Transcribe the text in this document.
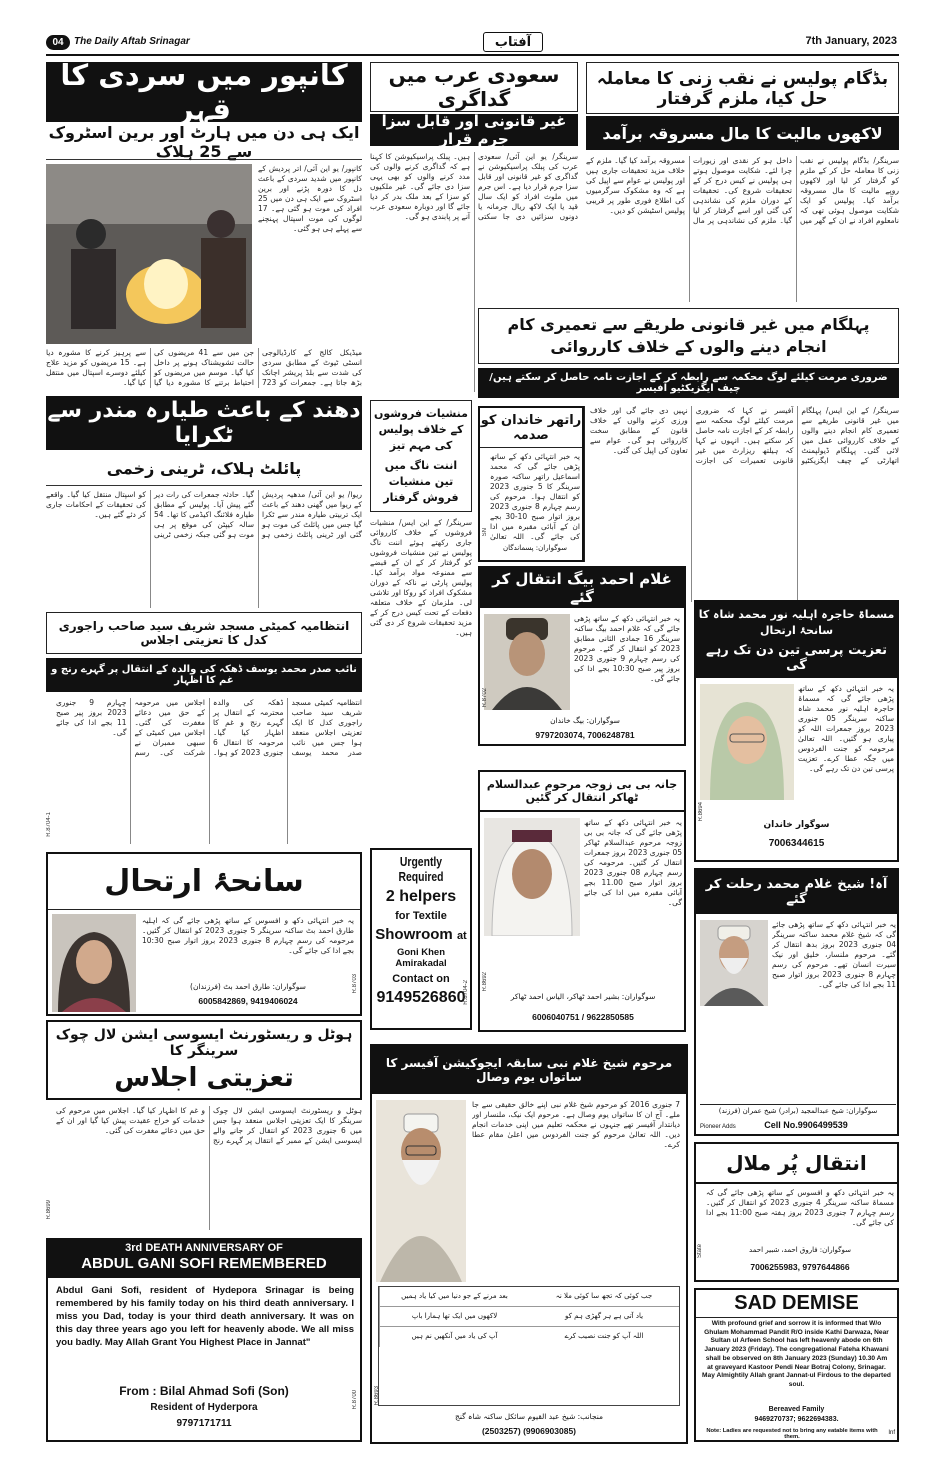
04	The Daily Aftab Srinagar	آفتاب	7th January, 2023
کانپور میں سردی کا قہر
ایک ہی دن میں ہارٹ اور برین اسٹروک سے 25 ہلاک
کانپور/ یو این آئی/ اتر پردیش کے کانپور میں شدید سردی کے باعث دل کا دورہ پڑنے اور برین اسٹروک سے ایک ہی دن میں 25 افراد کی موت ہو گئی ہے۔ 17 لوگوں کی موت اسپتال پہنچنے سے پہلے ہی ہو گئی۔
میڈیکل کالج کے کارڈیالوجی انسٹی ٹیوٹ کے مطابق سردی کی شدت سے بلڈ پریشر اچانک بڑھ جاتا ہے۔ جمعرات کو 723 جن میں سے 41 مریضوں کی حالت تشویشناک ہونے پر داخل کیا گیا۔ موسم میں مریضوں کو احتیاط برتنے کا مشورہ دیا گیا سے پرہیز کرنے کا مشورہ دیا ہے۔ 15 مریضوں کو مزید علاج کیلئے دوسرے اسپتال میں منتقل کیا گیا۔
سعودی عرب میں گداگری
غیر قانونی اور قابل سزا جرم قرار
سرینگر/ یو این آئی/ سعودی عرب کی پبلک پراسیکیوشن نے گداگری کو غیر قانونی اور قابل سزا جرم قرار دیا ہے۔ اس جرم میں ملوث افراد کو ایک سال قید یا ایک لاکھ ریال جرمانہ یا دونوں سزائیں دی جا سکتی ہیں۔ پبلک پراسیکیوشن کا کہنا ہے کہ گداگری کرنے والوں کی مدد کرنے والوں کو بھی یہی سزا دی جائے گی۔ غیر ملکیوں کو سزا کے بعد ملک بدر کر دیا جائے گا اور دوبارہ سعودی عرب آنے پر پابندی ہو گی۔
بڈگام پولیس نے نقب زنی کا معاملہ حل کیا، ملزم گرفتار
لاکھوں مالیت کا مال مسروقہ برآمد
سرینگر/ بڈگام پولیس نے نقب زنی کا معاملہ حل کر کے ملزم کو گرفتار کر لیا اور لاکھوں روپے مالیت کا مال مسروقہ برآمد کیا۔ پولیس کو ایک شکایت موصول ہوئی تھی کہ نامعلوم افراد نے ان کے گھر میں داخل ہو کر نقدی اور زیورات چرا لئے۔ شکایت موصول ہوتے ہی پولیس نے کیس درج کر کے تحقیقات شروع کی۔ تحقیقات کے دوران ملزم کی نشاندہی کی گئی اور اسے گرفتار کر لیا گیا۔ ملزم کی نشاندہی پر مال مسروقہ برآمد کیا گیا۔ ملزم کے خلاف مزید تحقیقات جاری ہیں اور پولیس نے عوام سے اپیل کی ہے کہ وہ مشکوک سرگرمیوں کی اطلاع فوری طور پر قریبی پولیس اسٹیشن کو دیں۔
پہلگام میں غیر قانونی طریقے سے تعمیری کام انجام دینے والوں کے خلاف کارروائی
ضروری مرمت کیلئے لوگ محکمہ سے رابطہ کر کے اجازت نامہ حاصل کر سکتے ہیں/ چیف ایگزیکٹیو آفیسر
سرینگر/ کے این ایس/ پہلگام میں غیر قانونی طریقے سے تعمیری کام انجام دینے والوں کے خلاف کارروائی عمل میں لائی گئی۔ پہلگام ڈیولپمنٹ اتھارٹی کے چیف ایگزیکٹیو آفیسر نے کہا کہ ضروری مرمت کیلئے لوگ محکمہ سے رابطہ کر کے اجازت نامہ حاصل کر سکتے ہیں۔ انہوں نے کہا کہ ہیلتھ ریزارٹ میں غیر قانونی تعمیرات کی اجازت نہیں دی جائے گی اور خلاف ورزی کرنے والوں کے خلاف قانون کے مطابق سخت کارروائی ہو گی۔ عوام سے تعاون کی اپیل کی گئی۔
منشیات فروشوں کے خلاف پولیس کی مہم تیز
اننت ناگ میں تین منشیات فروش گرفتار
سرینگر/ کے این ایس/ منشیات فروشوں کے خلاف کارروائی جاری رکھتے ہوئے اننت ناگ پولیس نے تین منشیات فروشوں کو گرفتار کر کے ان کے قبضے سے ممنوعہ مواد برآمد کیا۔ پولیس پارٹی نے ناکہ کے دوران مشکوک افراد کو روکا اور تلاشی لی۔ ملزمان کے خلاف متعلقہ دفعات کے تحت کیس درج کر کے مزید تحقیقات شروع کر دی گئی ہیں۔
دھند کے باعث طیارہ مندر سے ٹکرایا
پائلٹ ہلاک، ٹرینی زخمی
ریوا/ یو این آئی/ مدھیہ پردیش کے ریوا میں گھنی دھند کے باعث ایک تربیتی طیارہ مندر سے ٹکرا گیا جس میں پائلٹ کی موت ہو گئی اور ٹرینی پائلٹ زخمی ہو گیا۔ حادثہ جمعرات کی رات دیر گئے پیش آیا۔ پولیس کے مطابق طیارہ فلائنگ اکیڈمی کا تھا۔ 54 سالہ کیپٹن کی موقع پر ہی موت ہو گئی جبکہ زخمی ٹرینی کو اسپتال منتقل کیا گیا۔ واقعے کی تحقیقات کے احکامات جاری کر دئے گئے ہیں۔
راتھر خاندان کو صدمہ
یہ خبر انتہائی دکھ کے ساتھ پڑھی جائے گی کہ محمد اسماعیل راتھر ساکنہ صورہ سرینگر کا 5 جنوری 2023 کو انتقال ہوا۔ مرحوم کی رسم چہارم 8 جنوری 2023 بروز اتوار صبح 10-30 بجے ان کے آبائی مقبرہ میں ادا کی جائے گی۔ اللہ تعالیٰ
سوگواران: پسماندگان
SN
انتظامیہ کمیٹی مسجد شریف سید صاحب راجوری کدل کا تعزیتی اجلاس
نائب صدر محمد یوسف ڈھکہ کی والدہ کے انتقال پر گہرے رنج و غم کا اظہار
انتظامیہ کمیٹی مسجد شریف سید صاحب راجوری کدل کا ایک تعزیتی اجلاس منعقد ہوا جس میں نائب صدر محمد یوسف ڈھکہ کی والدہ محترمہ کے انتقال پر گہرے رنج و غم کا اظہار کیا گیا۔ مرحومہ کا انتقال 6 جنوری 2023 کو ہوا۔ اجلاس میں مرحومہ کے حق میں دعائے مغفرت کی گئی۔ اجلاس میں کمیٹی کے سبھی ممبران نے شرکت کی۔ رسم چہارم 9 جنوری 2023 بروز پیر صبح 11 بجے ادا کی جائے گی۔
R.8704-1
غلام احمد بیگ انتقال کر گئے
یہ خبر انتہائی دکھ کے ساتھ پڑھی جائے گی کہ غلام احمد بیگ ساکنہ سرینگر 16 جمادی الثانی مطابق 2023 کو انتقال کر گئے۔ مرحوم کی رسم چہارم 9 جنوری 2023 بروز پیر صبح 10:30 بجے ادا کی جائے گی۔
سوگواران: بیگ خاندان
9797203074, 7006248781
R.8702
مسماۃ حاجرہ اہلیہ نور محمد شاہ کا سانحۂ ارتحال
تعزیت پرسی تین دن تک رہے گی
یہ خبر انتہائی دکھ کے ساتھ پڑھی جائے گی کہ مسماۃ حاجرہ اہلیہ نور محمد شاہ ساکنہ سرینگر 05 جنوری 2023 بروز جمعرات اللہ کو پیاری ہو گئیں۔ اللہ تعالیٰ مرحومہ کو جنت الفردوس میں جگہ عطا کرے۔ تعزیت پرسی تین دن تک رہے گی۔
سوگوار خاندان
7006344615
R.8694
Urgently Required
2 helpers
for Textile
Showroom at
Goni Khen Amirakadal
Contact on
9149526860
R.8704-2
جانہ بی بی زوجہ مرحوم عبدالسلام ٹھاکر انتقال کر گئیں
یہ خبر انتہائی دکھ کے ساتھ پڑھی جائے گی کہ جانہ بی بی زوجہ مرحوم عبدالسلام ٹھاکر 05 جنوری 2023 بروز جمعرات انتقال کر گئیں۔ مرحومہ کی رسم چہارم 08 جنوری 2023 بروز اتوار صبح 11.00 بجے آبائی مقبرہ میں ادا کی جائے گی۔
سوگواران: بشیر احمد ٹھاکر، الیاس احمد ٹھاکر
6006040751 / 9622850585
R.8692
سانحۂ ارتحال
یہ خبر انتہائی دکھ و افسوس کے ساتھ پڑھی جائے گی کہ اہلیہ طارق احمد بٹ ساکنہ سرینگر 5 جنوری 2023 کو انتقال کر گئیں۔ مرحومہ کی رسم چہارم 8 جنوری 2023 بروز اتوار صبح 10:30 بجے ادا کی جائے گی۔
سوگواران: طارق احمد بٹ (فرزندان)
6005842869, 9419406024
R.8703
آہ! شیخ غلام محمد رحلت کر گئے
یہ خبر انتہائی دکھ کے ساتھ پڑھی جائے گی کہ شیخ غلام محمد ساکنہ سرینگر 04 جنوری 2023 بروز بدھ انتقال کر گئے۔ مرحوم ملنسار، خلیق اور نیک سیرت انسان تھے۔ مرحوم کی رسم چہارم 8 جنوری 2023 بروز اتوار صبح 11 بجے ادا کی جائے گی۔
سوگواران: شیخ عبدالمجید (برادر) شیخ عمران (فرزند)
Cell No.9906499539
Pioneer Adds
ہوٹل و ریسٹورنٹ ایسوسی ایشن لال چوک سرینگر کا
تعزیتی اجلاس
ہوٹل و ریسٹورنٹ ایسوسی ایشن لال چوک سرینگر کا ایک تعزیتی اجلاس منعقد ہوا جس میں 6 جنوری 2023 کو انتقال کر جانے والے ایسوسی ایشن کے ممبر کے انتقال پر گہرے رنج و غم کا اظہار کیا گیا۔ اجلاس میں مرحوم کی خدمات کو خراج عقیدت پیش کیا گیا اور ان کے حق میں دعائے مغفرت کی گئی۔
R.8699
مرحوم شیخ غلام نبی سابقہ ایجوکیشن آفیسر کا ساتواں یوم وصال
7 جنوری 2016 کو مرحوم شیخ غلام نبی اپنے خالق حقیقی سے جا ملے۔ آج ان کا ساتواں یوم وصال ہے۔ مرحوم ایک نیک، ملنسار اور دیانتدار آفیسر تھے جنہوں نے محکمہ تعلیم میں اپنی خدمات انجام دیں۔ اللہ تعالیٰ مرحوم کو جنت الفردوس میں اعلیٰ مقام عطا کرے۔
بعد مرنے کے جو دنیا میں کیا یاد ہمیں	جب کوئی کہ تجھ سا کوئی ملا نہ
لاکھوں میں ایک تھا ہمارا باپ	یاد آتی ہے ہر گھڑی ہم کو
آپ کی یاد میں آنکھیں نم ہیں	اللہ آپ کو جنت نصیب کرے
منجانب: شیخ عبد القیوم سائکل ساکنہ شاہ گنج
(2503257) (9906903085)
R.8693
انتقال پُر ملال
یہ خبر انتہائی دکھ و افسوس کے ساتھ پڑھی جائے گی کہ مسماۃ ساکنہ سرینگر 4 جنوری 2023 کو انتقال کر گئیں۔ رسم چہارم 7 جنوری 2023 بروز ہفتہ صبح 11:00 بجے ادا کی جائے گی۔
سوگواران: فاروق احمد، شبیر احمد
7006255983, 9797644866
State
3rd DEATH ANNIVERSARY OF
ABDUL GANI SOFI REMEMBERED
Abdul Gani Sofi, resident of Hydepora Srinagar is being remembered by his family today on his third death anniversary. I miss you Dad, today is your third death anniversary. It was on this day three years ago you left for heavenly abode. We all miss you badly. May Allah Grant You Highest Place in Jannat"
From : Bilal Ahmad Sofi (Son)
Resident of Hyderpora
9797171711
R.8700
SAD DEMISE
With profound grief and sorrow it is informed that W/o Ghulam Mohammad Pandit R/O inside Kathi Darwaza, Near Sultan ul Arfeen School has left heavenly abode on 6th January 2023 (Friday). The congregational Fateha Khawani shall be observed on 8th January 2023 (Sunday) 10.30 Am at graveyard Kastoor Pendi Near Botraj Colony, Srinagar. May Almightily Allah grant Jannat-ul Firdous to the departed soul.
Bereaved Family
9469270737; 9622694383.
Note: Ladies are requested not to bring any eatable items with them.
Inf
